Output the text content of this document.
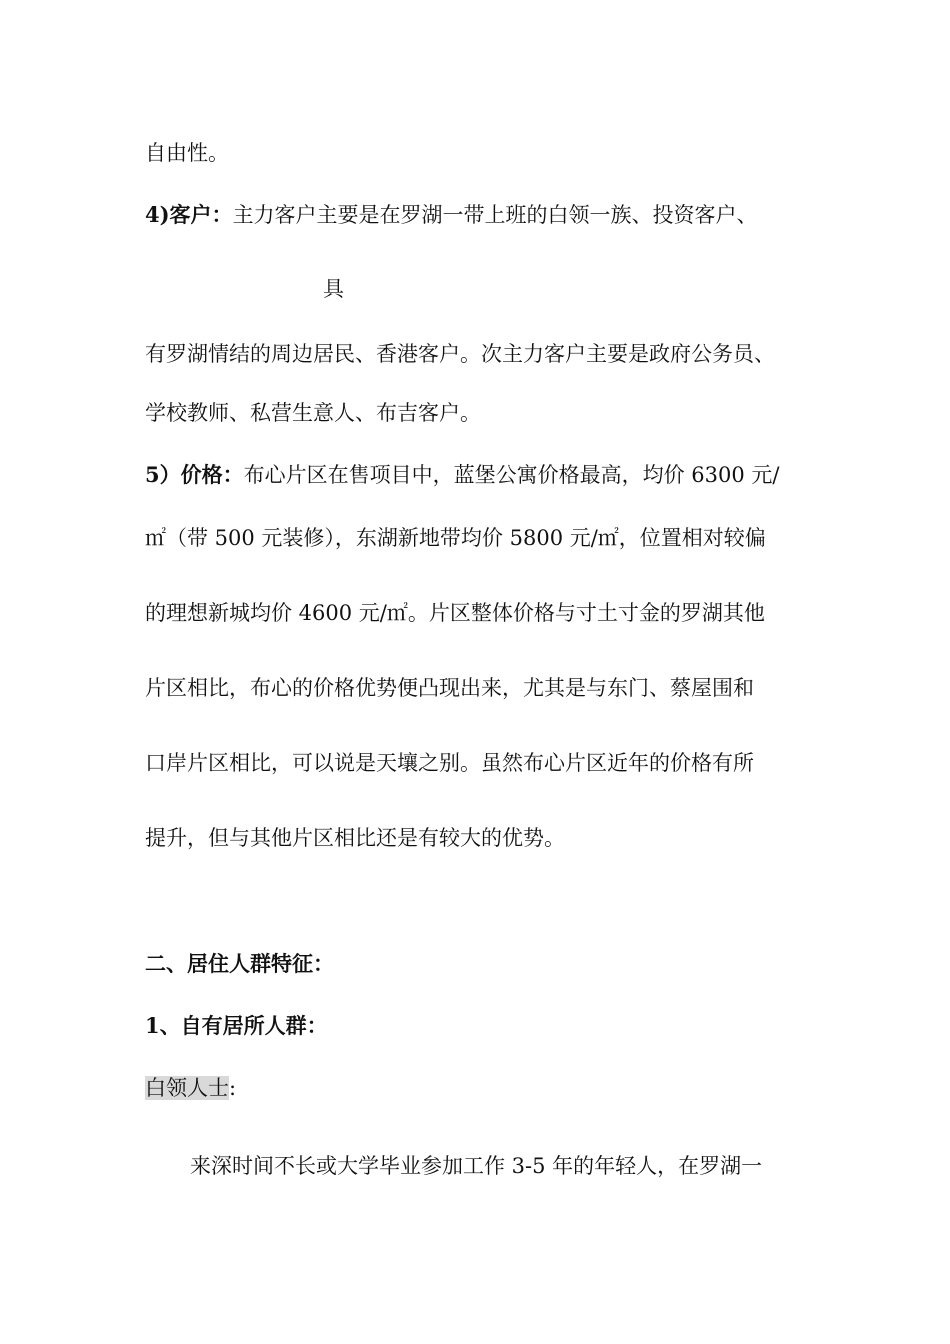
自由性。
4)客户：主力客户主要是在罗湖一带上班的白领一族、投资客户、
具
有罗湖情结的周边居民、香港客户。次主力客户主要是政府公务员、
学校教师、私营生意人、布吉客户。
5）价格：布心片区在售项目中，蓝堡公寓价格最高，均价 6300 元/
㎡（带 500 元装修），东湖新地带均价 5800 元/㎡，位置相对较偏
的理想新城均价 4600 元/㎡。片区整体价格与寸土寸金的罗湖其他
片区相比，布心的价格优势便凸现出来，尤其是与东门、蔡屋围和
口岸片区相比，可以说是天壤之别。虽然布心片区近年的价格有所
提升，但与其他片区相比还是有较大的优势。
二、居住人群特征：
1、自有居所人群：
白领人士:
来深时间不长或大学毕业参加工作 3-5 年的年轻人，在罗湖一
